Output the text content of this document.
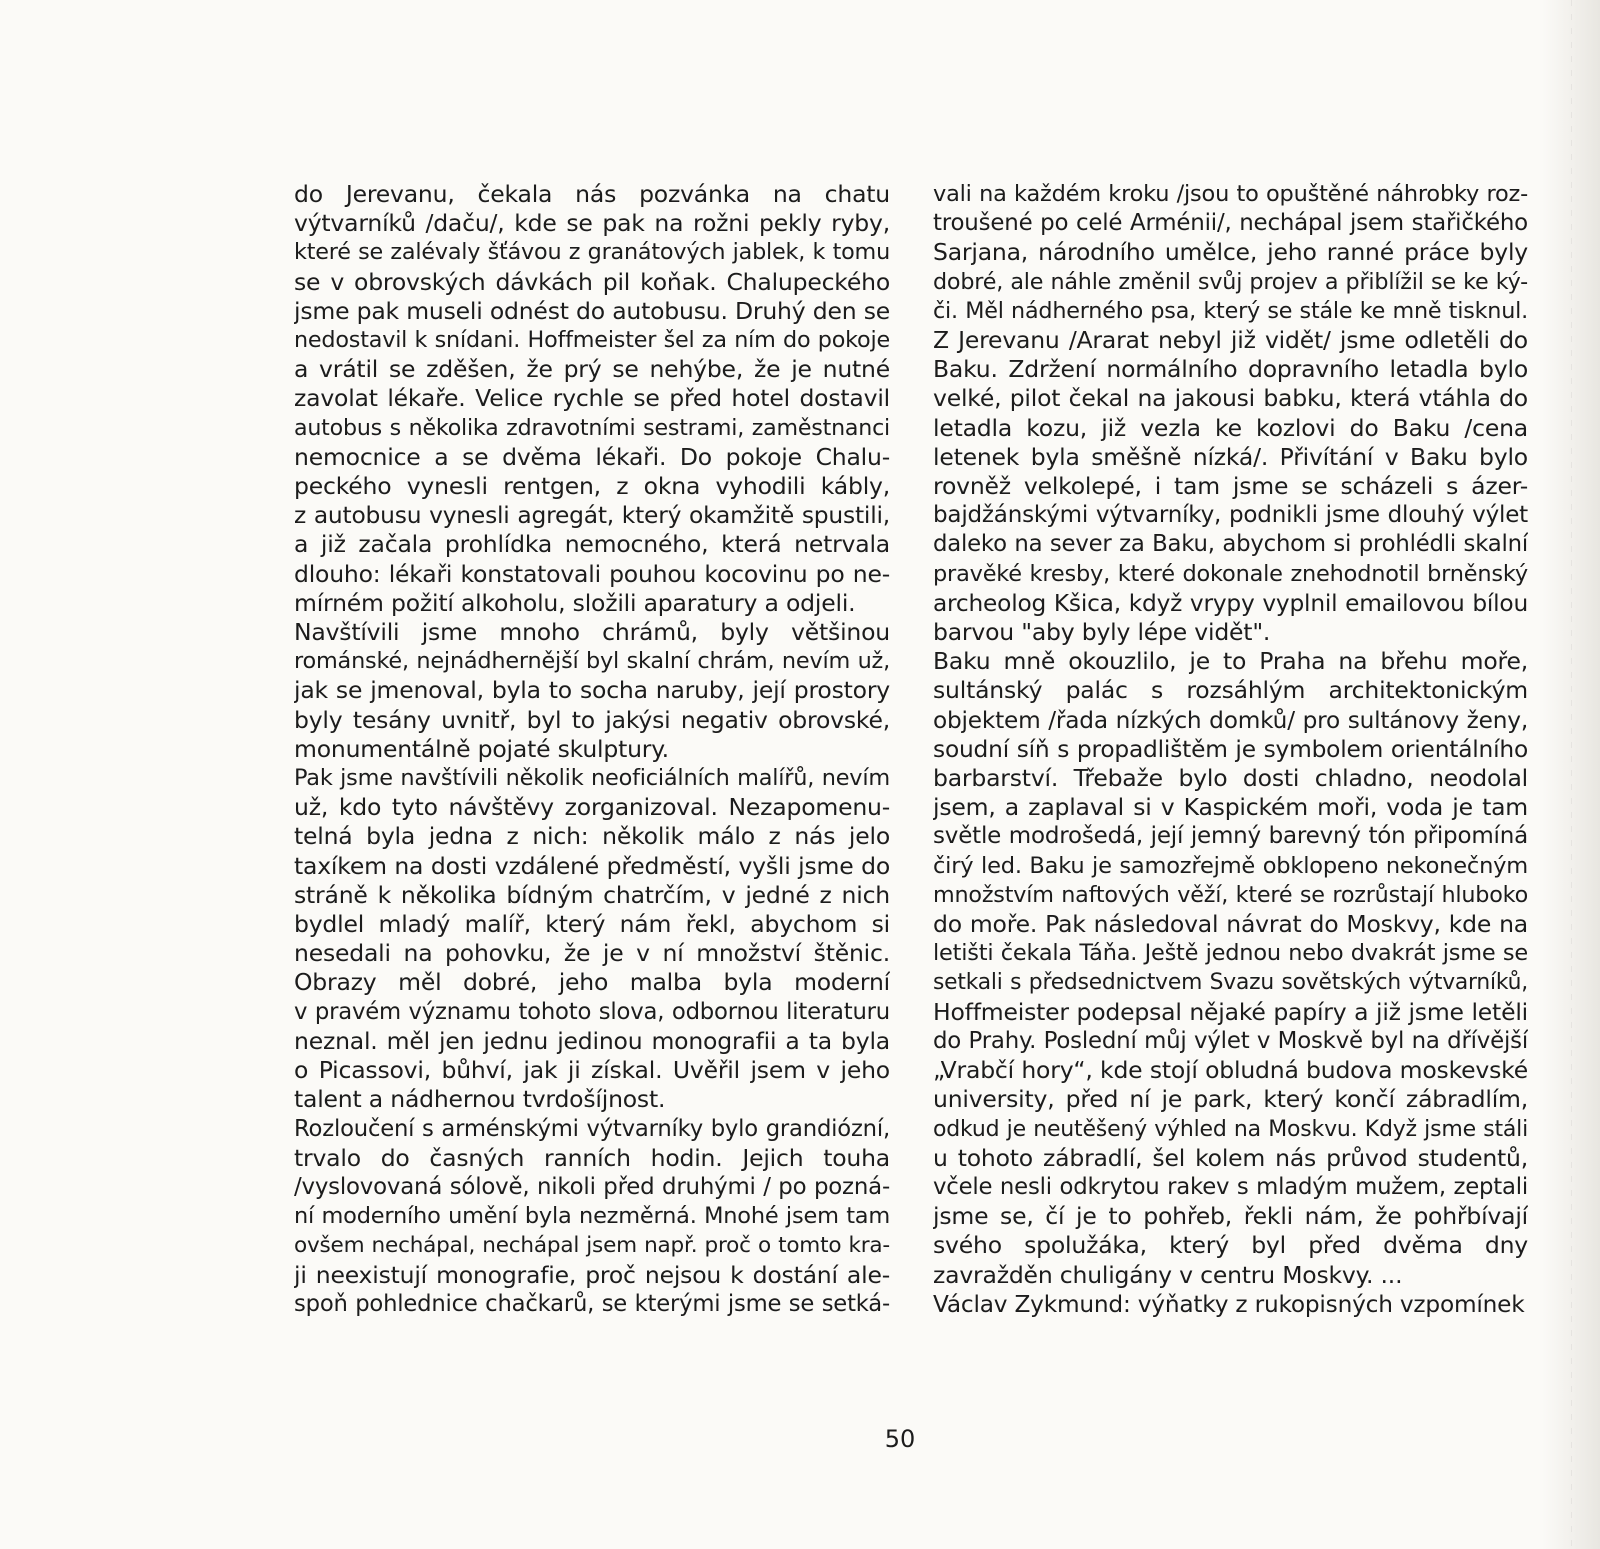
do Jerevanu, čekala nás pozvánka na chatu
výtvarníků /daču/, kde se pak na rožni pekly ryby,
které se zalévaly šťávou z granátových jablek, k tomu
se v obrovských dávkách pil koňak. Chalupeckého
jsme pak museli odnést do autobusu. Druhý den se
nedostavil k snídani. Hoffmeister šel za ním do pokoje
a vrátil se zděšen, že prý se nehýbe, že je nutné
zavolat lékaře. Velice rychle se před hotel dostavil
autobus s několika zdravotními sestrami, zaměstnanci
nemocnice a se dvěma lékaři. Do pokoje Chalu-
peckého vynesli rentgen, z okna vyhodili kábly,
z autobusu vynesli agregát, který okamžitě spustili,
a již začala prohlídka nemocného, která netrvala
dlouho: lékaři konstatovali pouhou kocovinu po ne-
mírném požití alkoholu, složili aparatury a odjeli.
Navštívili jsme mnoho chrámů, byly většinou
románské, nejnádhernější byl skalní chrám, nevím už,
jak se jmenoval, byla to socha naruby, její prostory
byly tesány uvnitř, byl to jakýsi negativ obrovské,
monumentálně pojaté skulptury.
Pak jsme navštívili několik neoficiálních malířů, nevím
už, kdo tyto návštěvy zorganizoval. Nezapomenu-
telná byla jedna z nich: několik málo z nás jelo
taxíkem na dosti vzdálené předměstí, vyšli jsme do
stráně k několika bídným chatrčím, v jedné z nich
bydlel mladý malíř, který nám řekl, abychom si
nesedali na pohovku, že je v ní množství štěnic.
Obrazy měl dobré, jeho malba byla moderní
v pravém významu tohoto slova, odbornou literaturu
neznal. měl jen jednu jedinou monografii a ta byla
o Picassovi, bůhví, jak ji získal. Uvěřil jsem v jeho
talent a nádhernou tvrdošíjnost.
Rozloučení s arménskými výtvarníky bylo grandiózní,
trvalo do časných ranních hodin. Jejich touha
/vyslovovaná sólově, nikoli před druhými / po pozná-
ní moderního umění byla nezměrná. Mnohé jsem tam
ovšem nechápal, nechápal jsem např. proč o tomto kra-
ji neexistují monografie, proč nejsou k dostání ale-
spoň pohlednice chačkarů, se kterými jsme se setká-
vali na každém kroku /jsou to opuštěné náhrobky roz-
troušené po celé Arménii/, nechápal jsem stařičkého
Sarjana, národního umělce, jeho ranné práce byly
dobré, ale náhle změnil svůj projev a přiblížil se ke ký-
či. Měl nádherného psa, který se stále ke mně tisknul.
Z Jerevanu /Ararat nebyl již vidět/ jsme odletěli do
Baku. Zdržení normálního dopravního letadla bylo
velké, pilot čekal na jakousi babku, která vtáhla do
letadla kozu, již vezla ke kozlovi do Baku /cena
letenek byla směšně nízká/. Přivítání v Baku bylo
rovněž velkolepé, i tam jsme se scházeli s ázer-
bajdžánskými výtvarníky, podnikli jsme dlouhý výlet
daleko na sever za Baku, abychom si prohlédli skalní
pravěké kresby, které dokonale znehodnotil brněnský
archeolog Kšica, když vrypy vyplnil emailovou bílou
barvou "aby byly lépe vidět".
Baku mně okouzlilo, je to Praha na břehu moře,
sultánský palác s rozsáhlým architektonickým
objektem /řada nízkých domků/ pro sultánovy ženy,
soudní síň s propadlištěm je symbolem orientálního
barbarství. Třebaže bylo dosti chladno, neodolal
jsem, a zaplaval si v Kaspickém moři, voda je tam
světle modrošedá, její jemný barevný tón připomíná
čirý led. Baku je samozřejmě obklopeno nekonečným
množstvím naftových věží, které se rozrůstají hluboko
do moře. Pak následoval návrat do Moskvy, kde na
letišti čekala Táňa. Ještě jednou nebo dvakrát jsme se
setkali s předsednictvem Svazu sovětských výtvarníků,
Hoffmeister podepsal nějaké papíry a již jsme letěli
do Prahy. Poslední můj výlet v Moskvě byl na dřívější
„Vrabčí hory“, kde stojí obludná budova moskevské
university, před ní je park, který končí zábradlím,
odkud je neutěšený výhled na Moskvu. Když jsme stáli
u tohoto zábradlí, šel kolem nás průvod studentů,
včele nesli odkrytou rakev s mladým mužem, zeptali
jsme se, čí je to pohřeb, řekli nám, že pohřbívají
svého spolužáka, který byl před dvěma dny
zavražděn chuligány v centru Moskvy. ...
Václav Zykmund: výňatky z rukopisných vzpomínek
50
